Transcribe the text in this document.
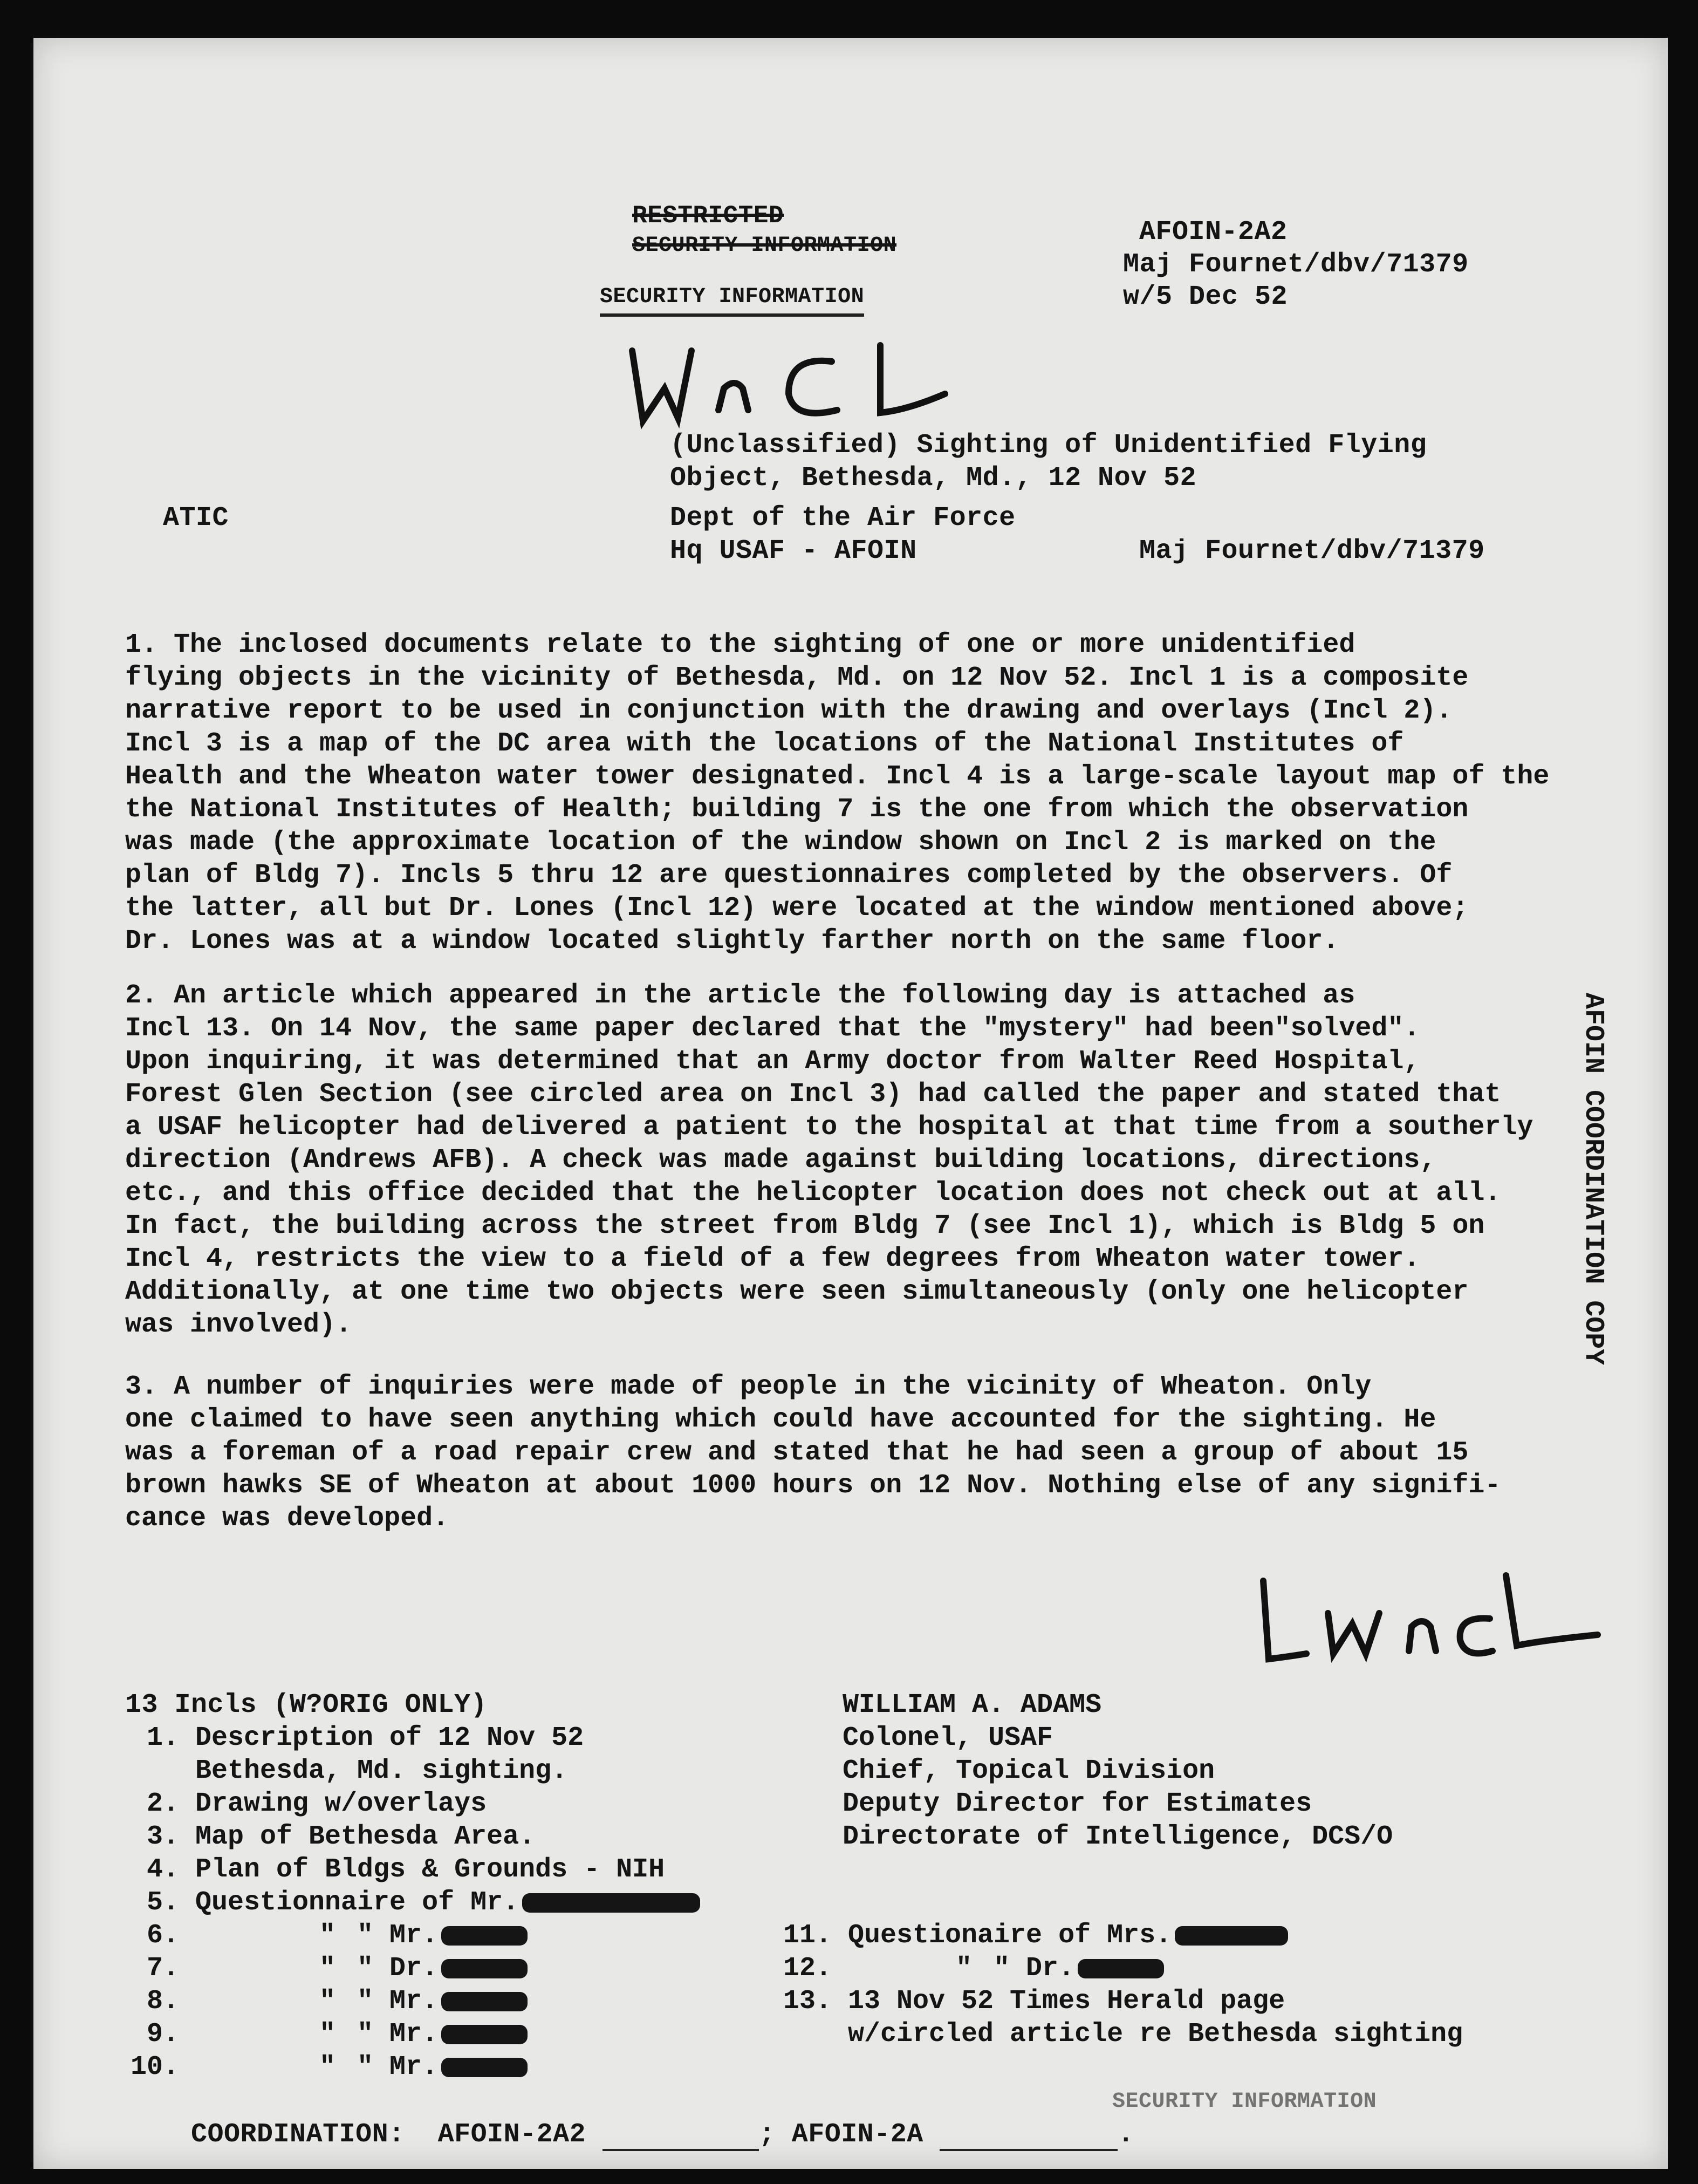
RESTRICTED
SECURITY INFORMATION
SECURITY INFORMATION
AFOIN-2A2
Maj Fournet/dbv/71379
w/5 Dec 52
(Unclassified) Sighting of Unidentified Flying
Object, Bethesda, Md., 12 Nov 52
ATIC	Dept of the Air Force
Hq USAF - AFOIN	Maj Fournet/dbv/71379
1. The inclosed documents relate to the sighting of one or more unidentified
flying objects in the vicinity of Bethesda, Md. on 12 Nov 52. Incl 1 is a composite
narrative report to be used in conjunction with the drawing and overlays (Incl 2).
Incl 3 is a map of the DC area with the locations of the National Institutes of
Health and the Wheaton water tower designated. Incl 4 is a large-scale layout map of the
the National Institutes of Health; building 7 is the one from which the observation
was made (the approximate location of the window shown on Incl 2 is marked on the
plan of Bldg 7). Incls 5 thru 12 are questionnaires completed by the observers. Of
the latter, all but Dr. Lones (Incl 12) were located at the window mentioned above;
Dr. Lones was at a window located slightly farther north on the same floor.
2. An article which appeared in the article the following day is attached as
Incl 13. On 14 Nov, the same paper declared that the "mystery" had been"solved".
Upon inquiring, it was determined that an Army doctor from Walter Reed Hospital,
Forest Glen Section (see circled area on Incl 3) had called the paper and stated that
a USAF helicopter had delivered a patient to the hospital at that time from a southerly
direction (Andrews AFB). A check was made against building locations, directions,
etc., and this office decided that the helicopter location does not check out at all.
In fact, the building across the street from Bldg 7 (see Incl 1), which is Bldg 5 on
Incl 4, restricts the view to a field of a few degrees from Wheaton water tower.
Additionally, at one time two objects were seen simultaneously (only one helicopter
was involved).
3. A number of inquiries were made of people in the vicinity of Wheaton. Only
one claimed to have seen anything which could have accounted for the sighting. He
was a foreman of a road repair crew and stated that he had seen a group of about 15
brown hawks SE of Wheaton at about 1000 hours on 12 Nov. Nothing else of any signifi-
cance was developed.
AFOIN COORDINATION COPY
13 Incls (W?ORIG ONLY)
1. Description of 12 Nov 52
Bethesda, Md. sighting.
2. Drawing w/overlays
3. Map of Bethesda Area.
4. Plan of Bldgs & Grounds - NIH
5. Questionnaire of Mr.
6.	" " Mr.
7.	" " Dr.
8.	" " Mr.
9.	" " Mr.
10.	" " Mr.
WILLIAM A. ADAMS
Colonel, USAF
Chief, Topical Division
Deputy Director for Estimates
Directorate of Intelligence, DCS/O
11. Questionaire of Mrs.
12.	" " Dr.
13. 13 Nov 52 Times Herald page
w/circled article re Bethesda sighting

COORDINATION: AFOIN-2A2	; AFOIN-2A	.

SECURITY INFORMATION
